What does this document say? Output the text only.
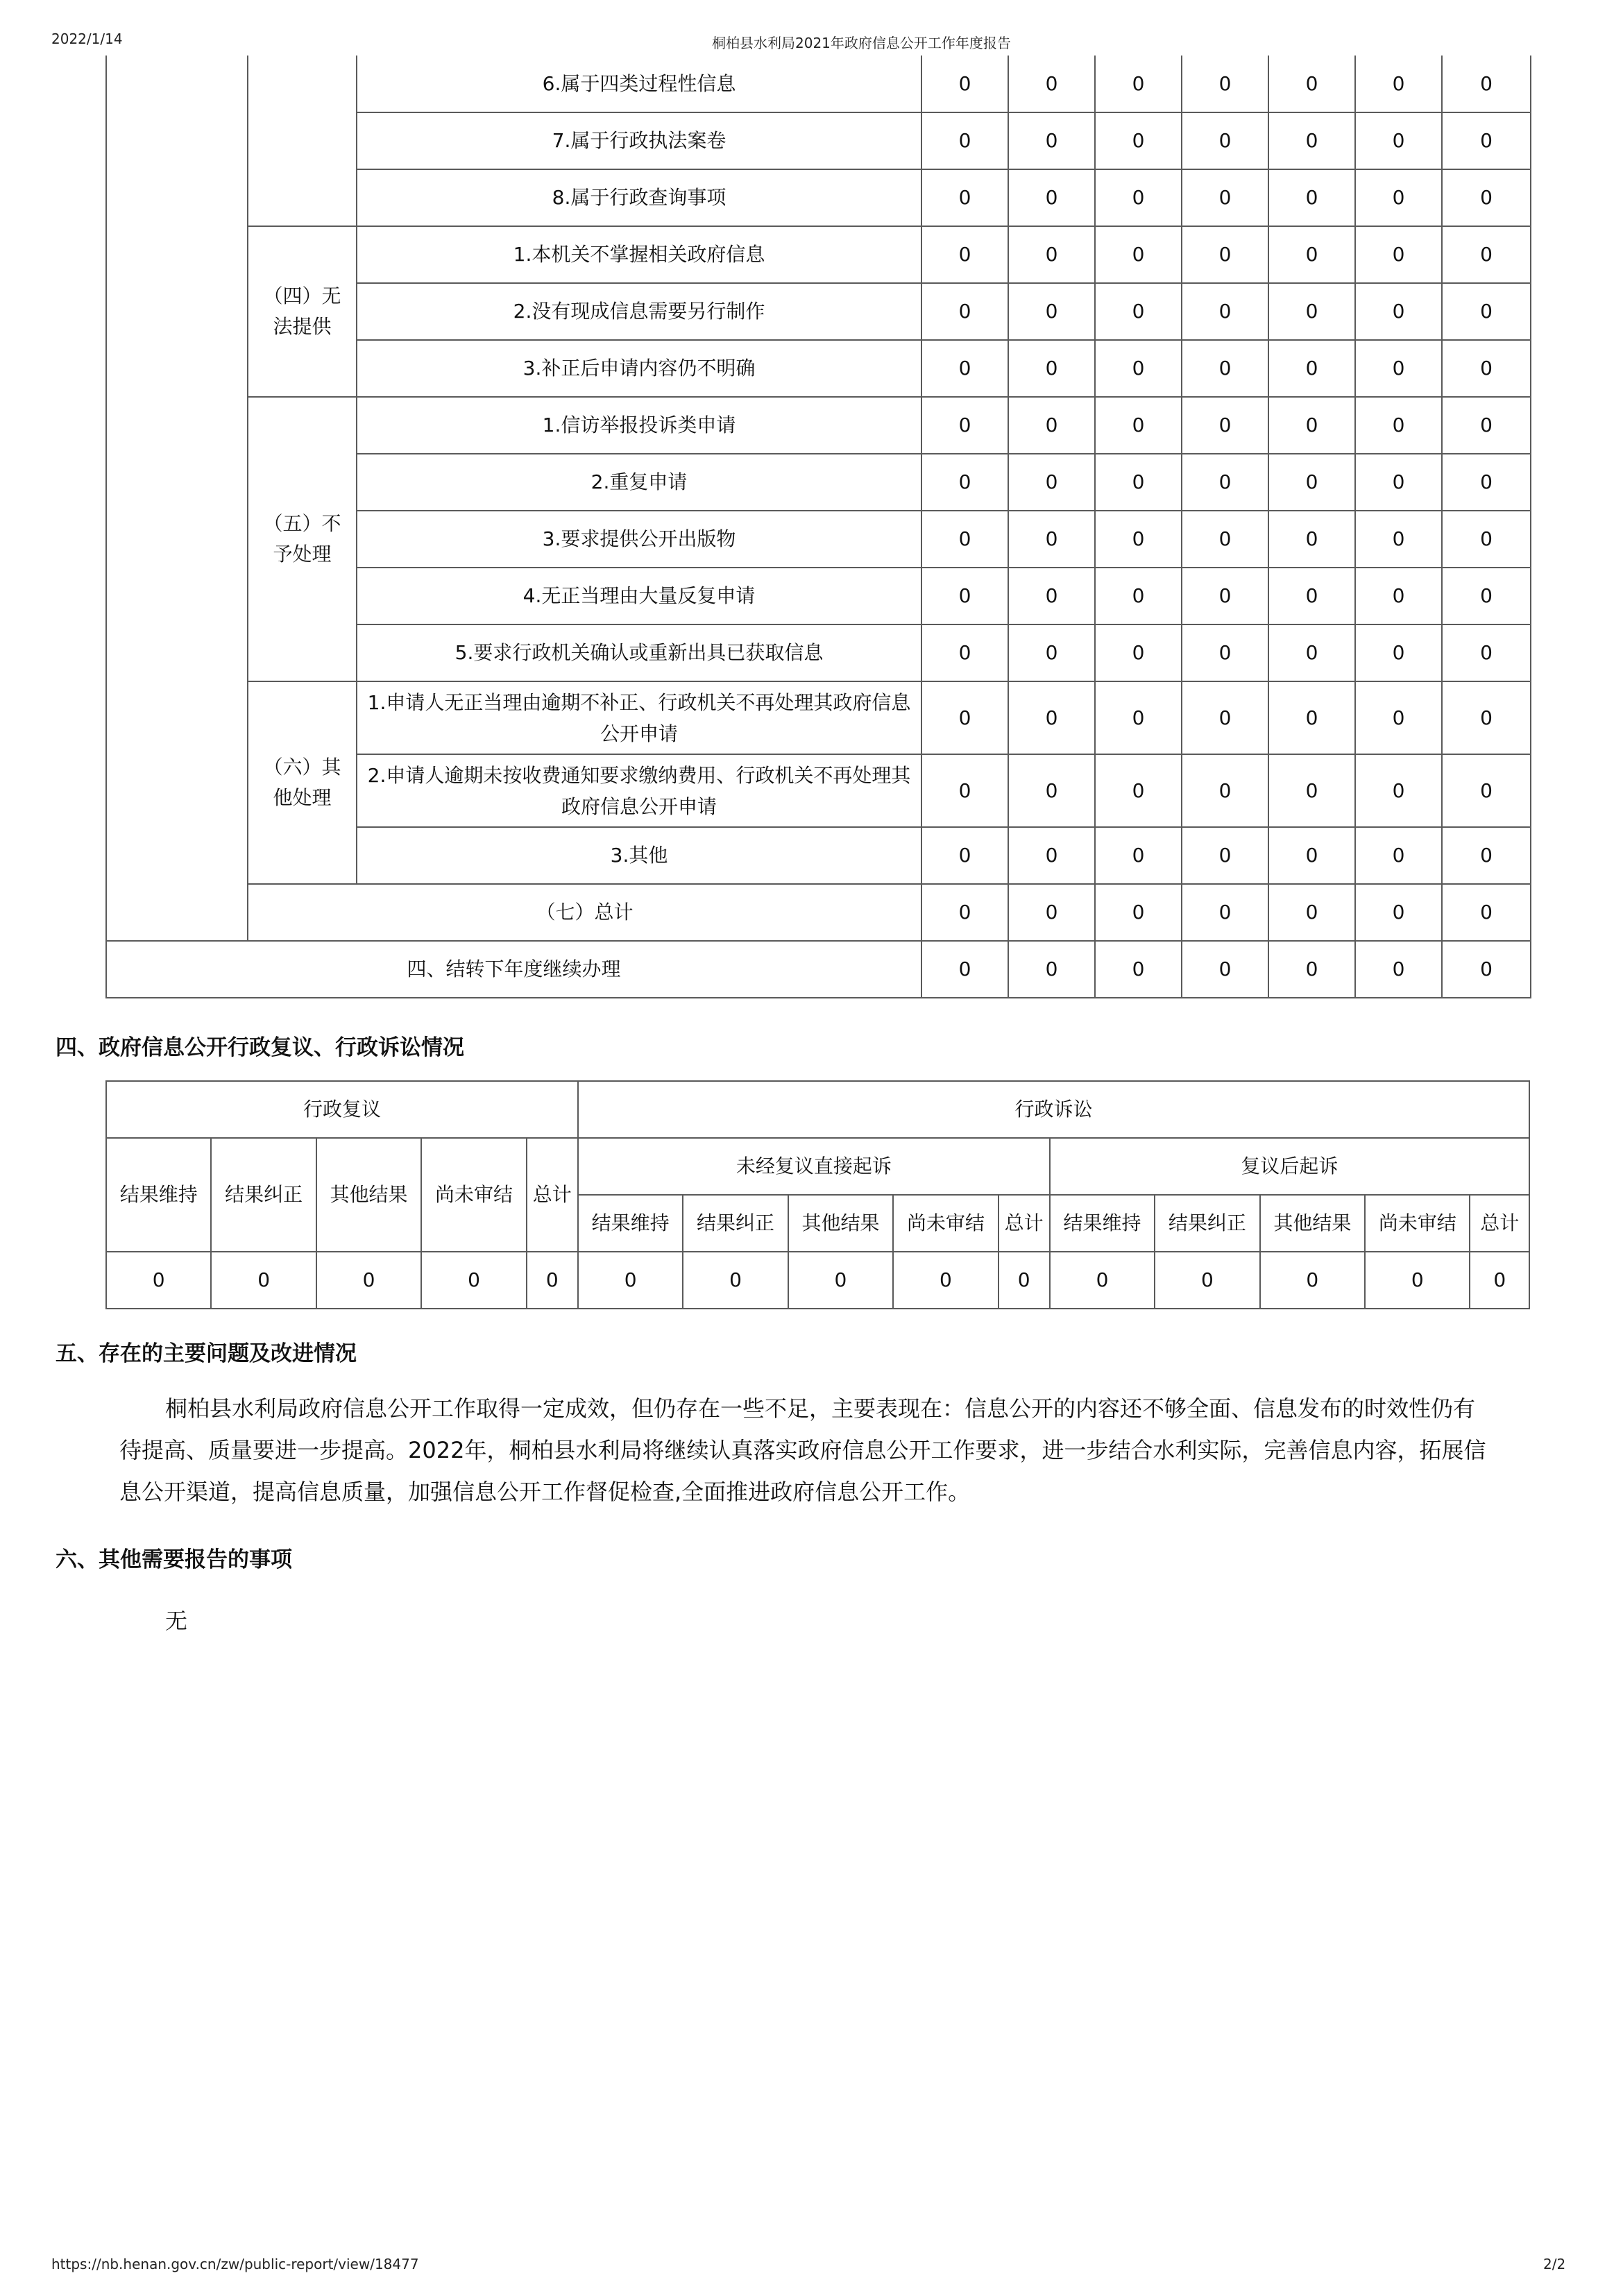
2022/1/14	桐柏县水利局2021年政府信息公开工作年度报告
		6.属于四类过程性信息	0	0	0	0	0	0	0
		7.属于行政执法案卷	0	0	0	0	0	0	0
		8.属于行政查询事项	0	0	0	0	0	0	0
	（四）无法提供	1.本机关不掌握相关政府信息	0	0	0	0	0	0	0
		2.没有现成信息需要另行制作	0	0	0	0	0	0	0
		3.补正后申请内容仍不明确	0	0	0	0	0	0	0
	（五）不予处理	1.信访举报投诉类申请	0	0	0	0	0	0	0
		2.重复申请	0	0	0	0	0	0	0
		3.要求提供公开出版物	0	0	0	0	0	0	0
		4.无正当理由大量反复申请	0	0	0	0	0	0	0
		5.要求行政机关确认或重新出具已获取信息	0	0	0	0	0	0	0
	（六）其他处理	1.申请人无正当理由逾期不补正、行政机关不再处理其政府信息公开申请	0	0	0	0	0	0	0
		2.申请人逾期未按收费通知要求缴纳费用、行政机关不再处理其政府信息公开申请	0	0	0	0	0	0	0
		3.其他	0	0	0	0	0	0	0
	（七）总计		0	0	0	0	0	0	0
四、结转下年度继续办理			0	0	0	0	0	0	0
四、政府信息公开行政复议、行政诉讼情况
行政复议					行政诉讼									
结果维持	结果纠正	其他结果	尚未审结	总计	未经复议直接起诉					复议后起诉				
					结果维持	结果纠正	其他结果	尚未审结	总计	结果维持	结果纠正	其他结果	尚未审结	总计
0	0	0	0	0	0	0	0	0	0	0	0	0	0	0
五、存在的主要问题及改进情况
桐柏县水利局政府信息公开工作取得一定成效，但仍存在一些不足，主要表现在：信息公开的内容还不够全面、信息发布的时效性仍有
待提高、质量要进一步提高。2022年，桐柏县水利局将继续认真落实政府信息公开工作要求，进一步结合水利实际，完善信息内容，拓展信
息公开渠道，提高信息质量，加强信息公开工作督促检查,全面推进政府信息公开工作。
六、其他需要报告的事项
无
https://nb.henan.gov.cn/zw/public-report/view/18477	2/2
